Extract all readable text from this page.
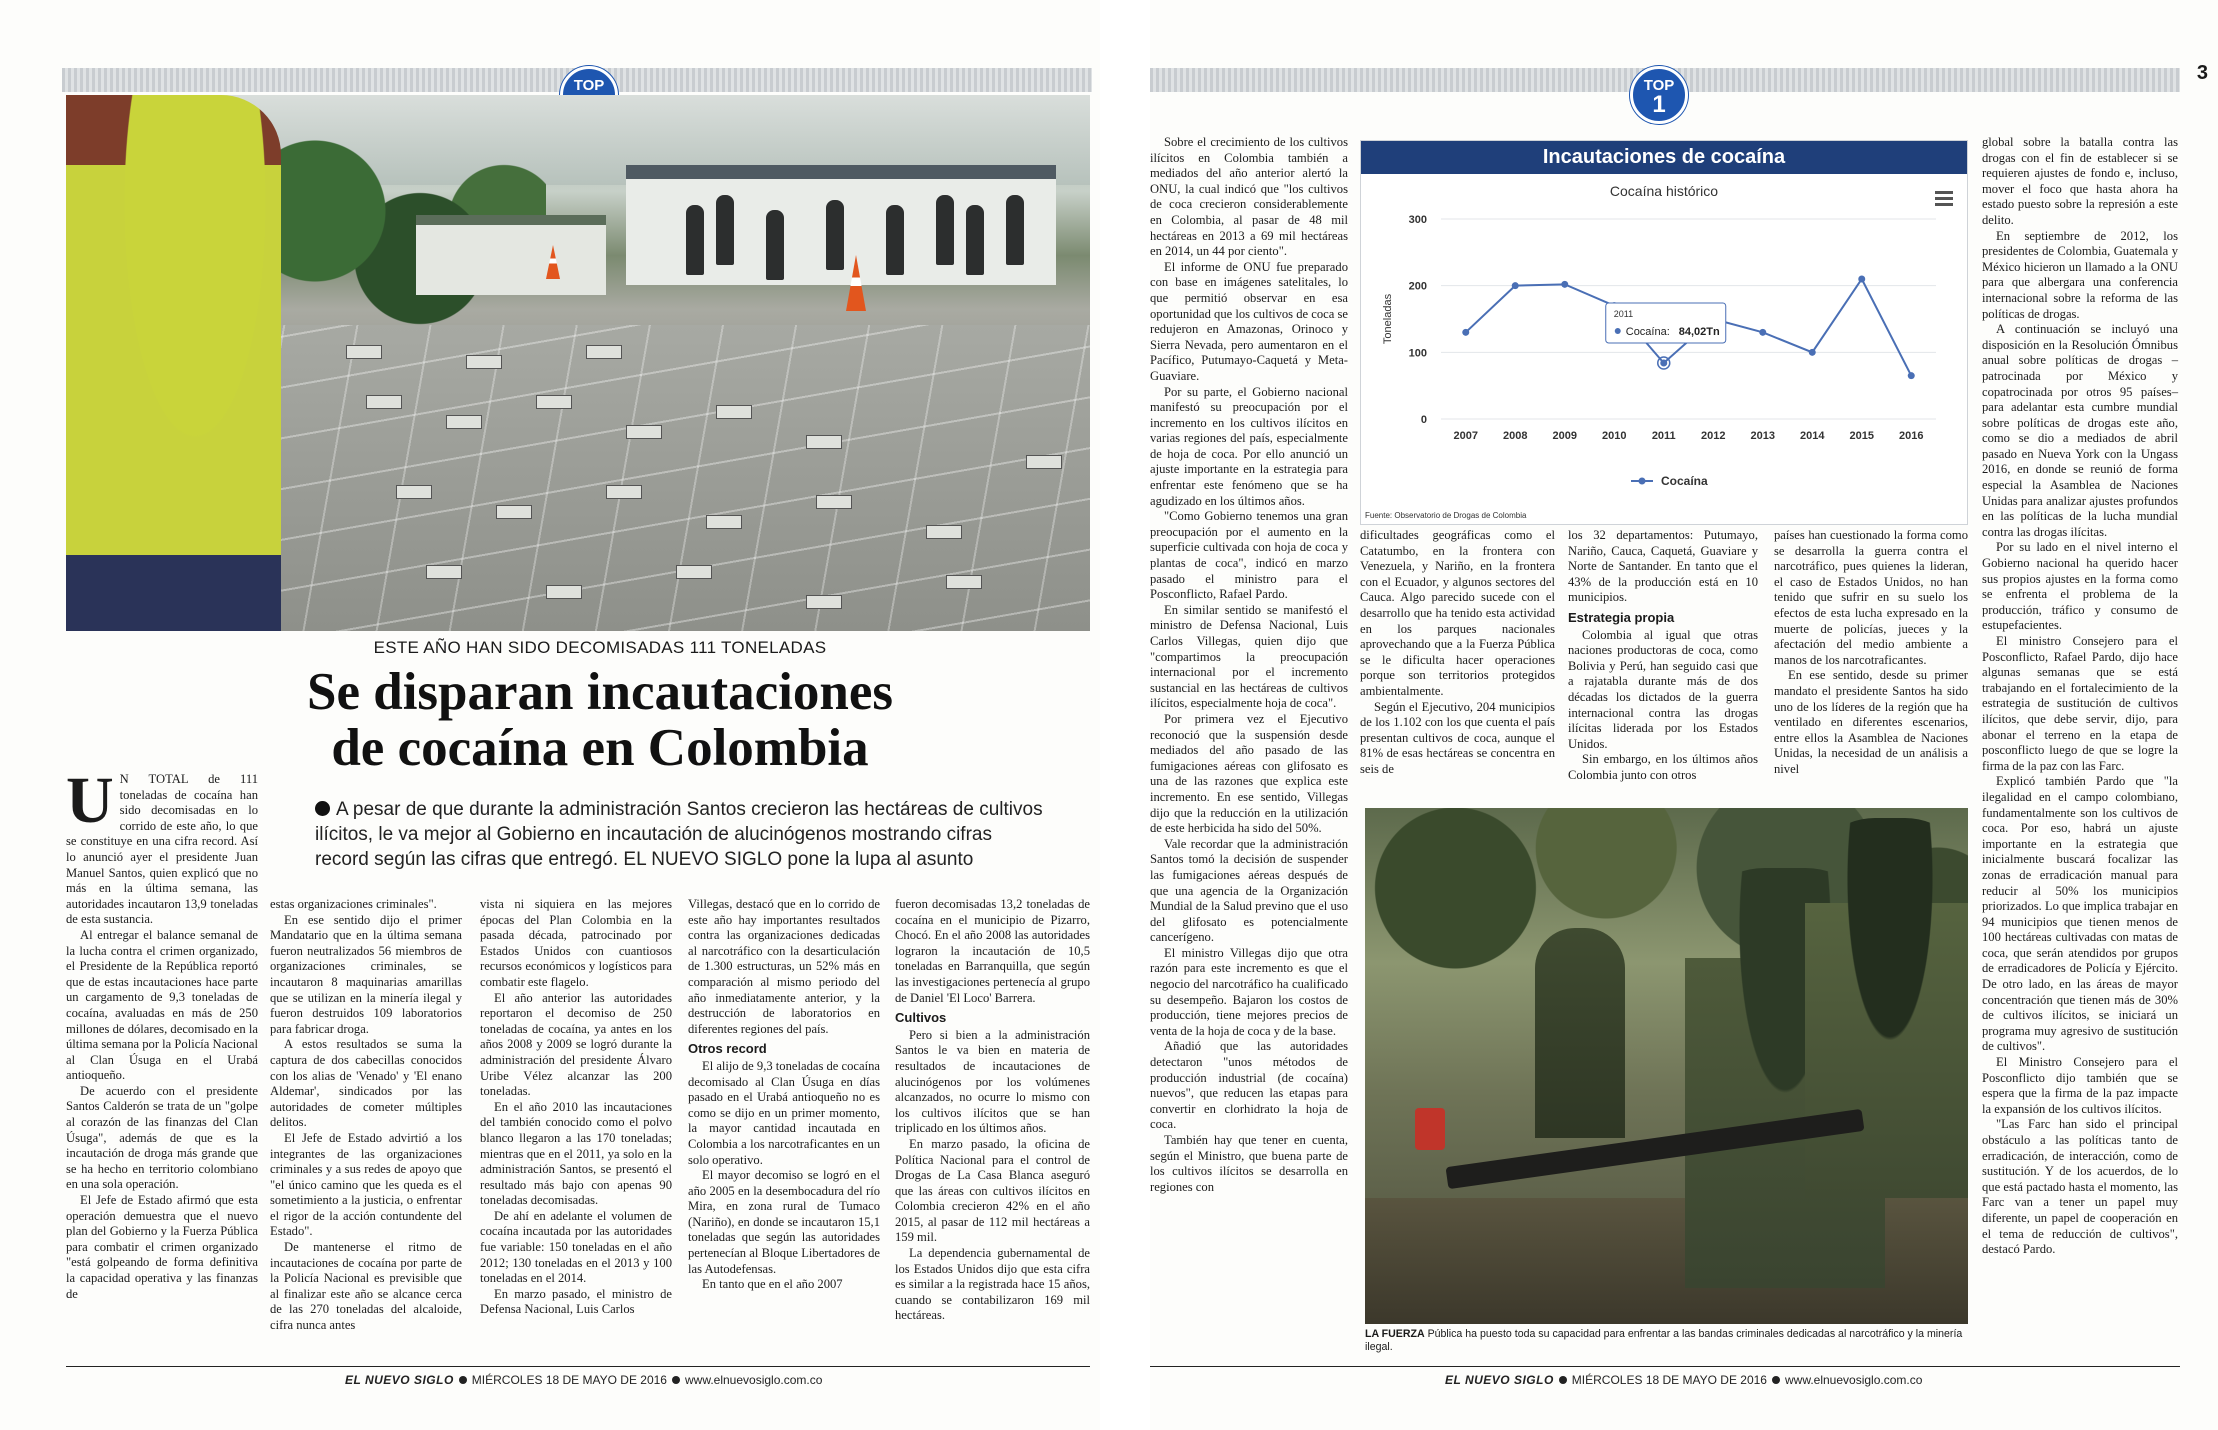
TOP
ESTE AÑO HAN SIDO DECOMISADAS 111 TONELADAS
Se disparan incautaciones
de cocaína en Colombia
A pesar de que durante la administración Santos crecieron las hectáreas de cultivos ilícitos, le va mejor al Gobierno en incautación de alucinógenos mostrando cifras record según las cifras que entregó. EL NUEVO SIGLO pone la lupa al asunto
U N TOTAL de 111 toneladas de cocaína han sido decomisadas en lo corrido de este año, lo que se constituye en una cifra record. Así lo anunció ayer el presidente Juan Manuel Santos, quien explicó que no más en la última semana, las autoridades incautaron 13,9 toneladas de esta sustancia.

Al entregar el balance semanal de la lucha contra el crimen organizado, el Presidente de la República reportó que de estas incautaciones hace parte un cargamento de 9,3 toneladas de cocaína, avaluadas en más de 250 millones de dólares, decomisado en la última semana por la Policía Nacional al Clan Úsuga en el Urabá antioqueño.

De acuerdo con el presidente Santos Calderón se trata de un "golpe al corazón de las finanzas del Clan Úsuga", además de que es la incautación de droga más grande que se ha hecho en territorio colombiano en una sola operación.

El Jefe de Estado afirmó que esta operación demuestra que el nuevo plan del Gobierno y la Fuerza Pública para combatir el crimen organizado "está golpeando de forma definitiva la capacidad operativa y las finanzas de

estas organizaciones criminales".

En ese sentido dijo el primer Mandatario que en la última semana fueron neutralizados 56 miembros de organizaciones criminales, se incautaron 8 maquinarias amarillas que se utilizan en la minería ilegal y fueron destruidos 109 laboratorios para fabricar droga.

A estos resultados se suma la captura de dos cabecillas conocidos con los alias de 'Venado' y 'El enano Aldemar', sindicados por las autoridades de cometer múltiples delitos.

El Jefe de Estado advirtió a los integrantes de las organizaciones criminales y a sus redes de apoyo que "el único camino que les queda es el sometimiento a la justicia, o enfrentar el rigor de la acción contundente del Estado".

De mantenerse el ritmo de incautaciones de cocaína por parte de la Policía Nacional es previsible que al finalizar este año se alcance cerca de las 270 toneladas del alcaloide, cifra nunca antes

vista ni siquiera en las mejores épocas del Plan Colombia en la pasada década, patrocinado por Estados Unidos con cuantiosos recursos económicos y logísticos para combatir este flagelo.

El año anterior las autoridades reportaron el decomiso de 250 toneladas de cocaína, ya antes en los años 2008 y 2009 se logró durante la administración del presidente Álvaro Uribe Vélez alcanzar las 200 toneladas.

En el año 2010 las incautaciones del también conocido como el polvo blanco llegaron a las 170 toneladas; mientras que en el 2011, ya solo en la administración Santos, se presentó el resultado más bajo con apenas 90 toneladas decomisadas.

De ahí en adelante el volumen de cocaína incautada por las autoridades fue variable: 150 toneladas en el año 2012; 130 toneladas en el 2013 y 100 toneladas en el 2014.

En marzo pasado, el ministro de Defensa Nacional, Luis Carlos

Villegas, destacó que en lo corrido de este año hay importantes resultados contra las organizaciones dedicadas al narcotráfico con la desarticulación de 1.300 estructuras, un 52% más en comparación al mismo periodo del año inmediatamente anterior, y la destrucción de laboratorios en diferentes regiones del país.

Otros record

El alijo de 9,3 toneladas de cocaína decomisado al Clan Úsuga en días pasado en el Urabá antioqueño no es como se dijo en un primer momento, la mayor cantidad incautada en Colombia a los narcotraficantes en un solo operativo.

El mayor decomiso se logró en el año 2005 en la desembocadura del río Mira, en zona rural de Tumaco (Nariño), en donde se incautaron 15,1 toneladas que según las autoridades pertenecían al Bloque Libertadores de las Autodefensas.

En tanto que en el año 2007

fueron decomisadas 13,2 toneladas de cocaína en el municipio de Pizarro, Chocó. En el año 2008 las autoridades lograron la incautación de 10,5 toneladas en Barranquilla, que según las investigaciones pertenecía al grupo de Daniel 'El Loco' Barrera.

Cultivos

Pero si bien a la administración Santos le va bien en materia de resultados de incautaciones de alucinógenos por los volúmenes alcanzados, no ocurre lo mismo con los cultivos ilícitos que se han triplicado en los últimos años.

En marzo pasado, la oficina de Política Nacional para el control de Drogas de La Casa Blanca aseguró que las áreas con cultivos ilícitos en Colombia crecieron 42% en el año 2015, al pasar de 112 mil hectáreas a 159 mil.

La dependencia gubernamental de los Estados Unidos dijo que esta cifra es similar a la registrada hace 15 años, cuando se contabilizaron 169 mil hectáreas.

EL NUEVO SIGLO MIÉRCOLES 18 DE MAYO DE 2016 www.elnuevosiglo.com.co
TOP
1
3

Sobre el crecimiento de los cultivos ilícitos en Colombia también a mediados del año anterior alertó la ONU, la cual indicó que "los cultivos de coca crecieron considerablemente en Colombia, al pasar de 48 mil hectáreas en 2013 a 69 mil hectáreas en 2014, un 44 por ciento".

El informe de ONU fue preparado con base en imágenes satelitales, lo que permitió observar en esa oportunidad que los cultivos de coca se redujeron en Amazonas, Orinoco y Sierra Nevada, pero aumentaron en el Pacífico, Putumayo-Caquetá y Meta-Guaviare.

Por su parte, el Gobierno nacional manifestó su preocupación por el incremento en los cultivos ilícitos en varias regiones del país, especialmente de hoja de coca. Por ello anunció un ajuste importante en la estrategia para enfrentar este fenómeno que se ha agudizado en los últimos años.

"Como Gobierno tenemos una gran preocupación por el aumento en la superficie cultivada con hoja de coca y plantas de coca", indicó en marzo pasado el ministro para el Posconflicto, Rafael Pardo.

En similar sentido se manifestó el ministro de Defensa Nacional, Luis Carlos Villegas, quien dijo que "compartimos la preocupación internacional por el incremento sustancial en las hectáreas de cultivos ilícitos, especialmente hoja de coca".

Por primera vez el Ejecutivo reconoció que la suspensión desde mediados del año pasado de las fumigaciones aéreas con glifosato es una de las razones que explica este incremento. En ese sentido, Villegas dijo que la reducción en la utilización de este herbicida ha sido del 50%.

Vale recordar que la administración Santos tomó la decisión de suspender las fumigaciones aéreas después de que una agencia de la Organización Mundial de la Salud previno que el uso del glifosato es potencialmente cancerígeno.

El ministro Villegas dijo que otra razón para este incremento es que el negocio del narcotráfico ha cualificado su desempeño. Bajaron los costos de producción, tiene mejores precios de venta de la hoja de coca y de la base.

Añadió que las autoridades detectaron "unos métodos de producción industrial (de cocaína) nuevos", que reducen las etapas para convertir en clorhidrato la hoja de coca.

También hay que tener en cuenta, según el Ministro, que buena parte de los cultivos ilícitos se desarrolla en regiones con

Incautaciones de cocaína
Cocaína histórico
0
100
200
300
Toneladas
2007 2008 2009 2010 2011 2012 2013 2014 2015 2016
2011
Cocaína: 84,02Tn
Cocaína
Fuente: Observatorio de Drogas de Colombia

dificultades geográficas como el Catatumbo, en la frontera con Venezuela, y Nariño, en la frontera con el Ecuador, y algunos sectores del Cauca. Algo parecido sucede con el desarrollo que ha tenido esta actividad en los parques nacionales aprovechando que a la Fuerza Pública se le dificulta hacer operaciones porque son territorios protegidos ambientalmente.

Según el Ejecutivo, 204 municipios de los 1.102 con los que cuenta el país presentan cultivos de coca, aunque el 81% de esas hectáreas se concentra en seis de

los 32 departamentos: Putumayo, Nariño, Cauca, Caquetá, Guaviare y Norte de Santander. En tanto que el 43% de la producción está en 10 municipios.

Estrategia propia

Colombia al igual que otras naciones productoras de coca, como Bolivia y Perú, han seguido casi que a rajatabla durante más de dos décadas los dictados de la guerra internacional contra las drogas ilícitas liderada por los Estados Unidos.

Sin embargo, en los últimos años Colombia junto con otros

países han cuestionado la forma como se desarrolla la guerra contra el narcotráfico, pues quienes la lideran, el caso de Estados Unidos, no han tenido que sufrir en su suelo los efectos de esta lucha expresado en la muerte de policías, jueces y la afectación del medio ambiente a manos de los narcotraficantes.

En ese sentido, desde su primer mandato el presidente Santos ha sido uno de los líderes de la región que ha ventilado en diferentes escenarios, entre ellos la Asamblea de Naciones Unidas, la necesidad de un análisis a nivel

LA FUERZA Pública ha puesto toda su capacidad para enfrentar a las bandas criminales dedicadas al narcotráfico y la minería ilegal.

global sobre la batalla contra las drogas con el fin de establecer si se requieren ajustes de fondo e, incluso, mover el foco que hasta ahora ha estado puesto sobre la represión a este delito.

En septiembre de 2012, los presidentes de Colombia, Guatemala y México hicieron un llamado a la ONU para que albergara una conferencia internacional sobre la reforma de las políticas de drogas.

A continuación se incluyó una disposición en la Resolución Ómnibus anual sobre políticas de drogas –patrocinada por México y copatrocinada por otros 95 países– para adelantar esta cumbre mundial sobre políticas de drogas este año, como se dio a mediados de abril pasado en Nueva York con la Ungass 2016, en donde se reunió de forma especial la Asamblea de Naciones Unidas para analizar ajustes profundos en las políticas de la lucha mundial contra las drogas ilícitas.

Por su lado en el nivel interno el Gobierno nacional ha querido hacer sus propios ajustes en la forma como se enfrenta el problema de la producción, tráfico y consumo de estupefacientes.

El ministro Consejero para el Posconflicto, Rafael Pardo, dijo hace algunas semanas que se está trabajando en el fortalecimiento de la estrategia de sustitución de cultivos ilícitos, que debe servir, dijo, para abonar el terreno en la etapa de posconflicto luego de que se logre la firma de la paz con las Farc.

Explicó también Pardo que "la ilegalidad en el campo colombiano, fundamentalmente son los cultivos de coca. Por eso, habrá un ajuste importante en la estrategia que inicialmente buscará focalizar las zonas de erradicación manual para reducir al 50% los municipios priorizados. Lo que implica trabajar en 94 municipios que tienen menos de 100 hectáreas cultivadas con matas de coca, que serán atendidos por grupos de erradicadores de Policía y Ejército. De otro lado, en las áreas de mayor concentración que tienen más de 30% de cultivos ilícitos, se iniciará un programa muy agresivo de sustitución de cultivos".

El Ministro Consejero para el Posconflicto dijo también que se espera que la firma de la paz impacte la expansión de los cultivos ilícitos.

"Las Farc han sido el principal obstáculo a las políticas tanto de erradicación, de interacción, como de sustitución. Y de los acuerdos, de lo que está pactado hasta el momento, las Farc van a tener un papel muy diferente, un papel de cooperación en el tema de reducción de cultivos", destacó Pardo.

EL NUEVO SIGLO MIÉRCOLES 18 DE MAYO DE 2016 www.elnuevosiglo.com.co
